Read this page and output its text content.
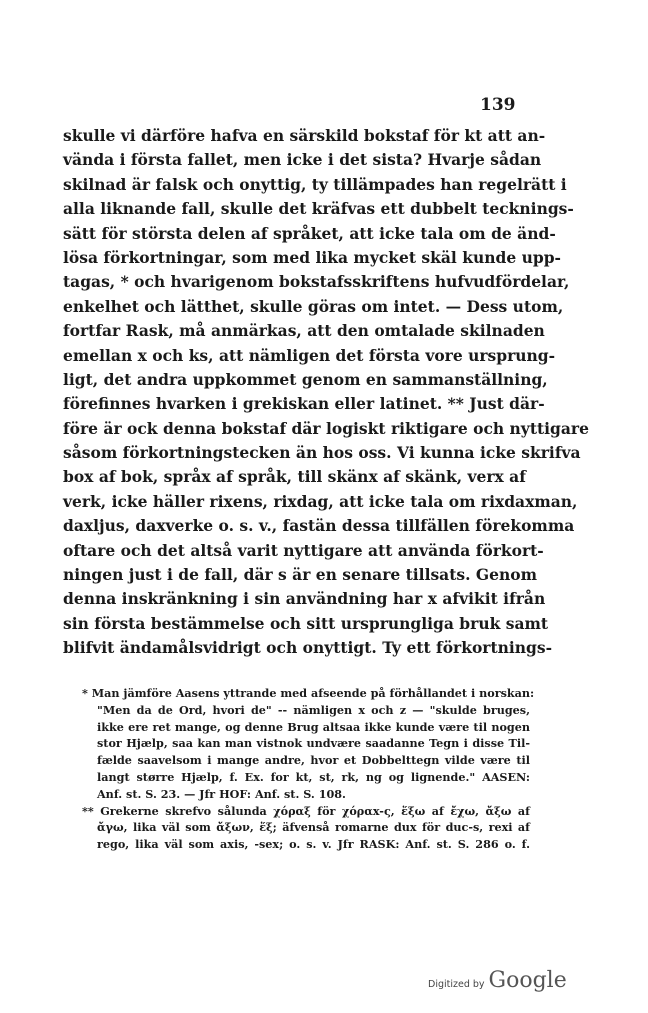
139
skulle vi därföre hafva en särskild bokstaf för kt att an-
vända i första fallet, men icke i det sista? Hvarje sådan
skilnad är falsk och onyttig, ty tillämpades han regelrätt i
alla liknande fall, skulle det kräfvas ett dubbelt tecknings-
sätt för största delen af språket, att icke tala om de änd-
lösa förkortningar, som med lika mycket skäl kunde upp-
tagas, * och hvarigenom bokstafsskriftens hufvudfördelar,
enkelhet och lätthet, skulle göras om intet. — Dess utom,
fortfar Rask, må anmärkas, att den omtalade skilnaden
emellan x och ks, att nämligen det första vore ursprung-
ligt, det andra uppkommet genom en sammanställning,
förefinnes hvarken i grekiskan eller latinet. ** Just där-
före är ock denna bokstaf där logiskt riktigare och nyttigare
såsom förkortningstecken än hos oss. Vi kunna icke skrifva
box af bok, språx af språk, till skänx af skänk, verx af
verk, icke häller rixens, rixdag, att icke tala om rixdaxman,
daxljus, daxverke o. s. v., fastän dessa tillfällen förekomma
oftare och det altså varit nyttigare att använda förkort-
ningen just i de fall, där s är en senare tillsats. Genom
denna inskränkning i sin användning har x afvikit ifrån
sin första bestämmelse och sitt ursprungliga bruk samt
blifvit ändamålsvidrigt och onyttigt. Ty ett förkortnings-
* Man jämföre Aasens yttrande med afseende på förhållandet i norskan:
"Men da de Ord, hvori de" -- nämligen x och z — "skulde bruges,
ikke ere ret mange, og denne Brug altsaa ikke kunde være til nogen
stor Hjælp, saa kan man vistnok undvære saadanne Tegn i disse Til-
fælde saavelsom i mange andre, hvor et Dobbelttegn vilde være til
langt større Hjælp, f. Ex. for kt, st, rk, ng og lignende." AASEN:
Anf. st. S. 23. — Jfr HOF: Anf. st. S. 108.
** Grekerne skrefvo sålunda χόραξ för χόραx-ς, ἕξω af ἔχω, ἄξω af
ἄγω, lika väl som ἄξων, ἕξ; äfvenså romarne dux för duc-s, rexi af
rego, lika väl som axis, -sex; o. s. v. Jfr RASK: Anf. st. S. 286 o. f.
Digitized by Google
